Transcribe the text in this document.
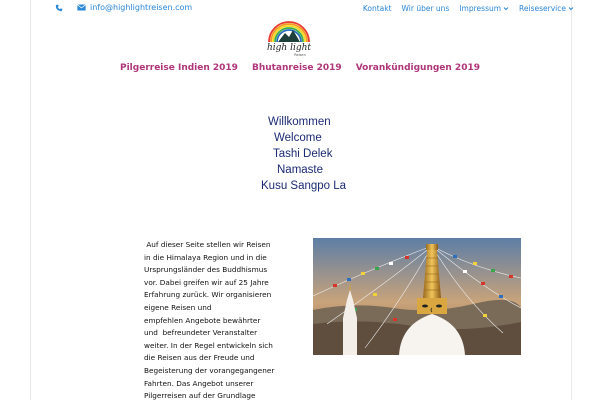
info@highlightreisen.com	Kontakt Wir über uns Impressum Reiseservice
high light
Reisen
Pilgerreise Indien 2019 Bhutanreise 2019 Vorankündigungen 2019
Willkommen
Welcome
Tashi Delek
Namaste
Kusu Sangpo La
Auf dieser Seite stellen wir Reisen
in die Himalaya Region und in die
Ursprungsländer des Buddhismus
vor. Dabei greifen wir auf 25 Jahre
Erfahrung zurück. Wir organisieren
eigene Reisen und
empfehlen Angebote bewährter
und  befreundeter Veranstalter
weiter. In der Regel entwickeln sich
die Reisen aus der Freude und
Begeisterung der vorangegangener
Fahrten. Das Angebot unserer
Pilgerreisen auf der Grundlage
